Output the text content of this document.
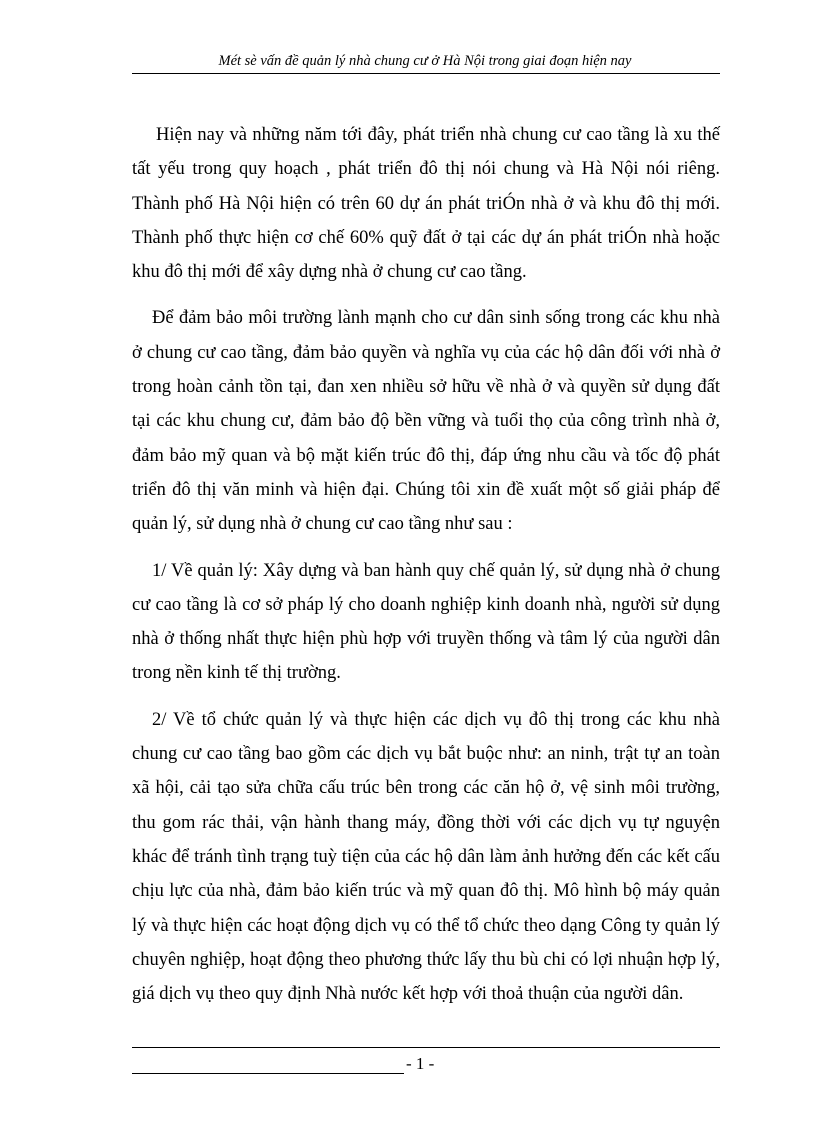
Mét sè vấn đề quản lý nhà chung cư ở Hà Nội trong giai đoạn hiện nay

Hiện nay và những năm tới đây, phát triển nhà chung cư cao tầng là xu thế tất yếu trong quy hoạch , phát triển đô thị nói chung và Hà Nội nói riêng. Thành phố Hà Nội hiện có trên 60 dự án phát triÓn nhà ở và khu đô thị mới. Thành phố thực hiện cơ chế 60% quỹ đất ở tại các dự án phát triÓn nhà hoặc khu đô thị mới để xây dựng nhà ở chung cư cao tầng.

Để đảm bảo môi trường lành mạnh cho cư dân sinh sống trong các khu nhà ở chung cư cao tầng, đảm bảo quyền và nghĩa vụ của các hộ dân đối với nhà ở trong hoàn cảnh tồn tại, đan xen nhiều sở hữu về nhà ở và quyền sử dụng đất tại các khu chung cư, đảm bảo độ bền vững và tuổi thọ của công trình nhà ở, đảm bảo mỹ quan và bộ mặt kiến trúc đô thị, đáp ứng nhu cầu và tốc độ phát triển đô thị văn minh và hiện đại. Chúng tôi xin đề xuất một số giải pháp để quản lý, sử dụng nhà ở chung cư cao tầng như sau :

1/ Về quản lý: Xây dựng và ban hành quy chế quản lý, sử dụng nhà ở chung cư cao tầng là cơ sở pháp lý cho doanh nghiệp kinh doanh nhà, người sử dụng nhà ở thống nhất thực hiện phù hợp với truyền thống và tâm lý của người dân trong nền kinh tế thị trường.

2/ Về tổ chức quản lý và thực hiện các dịch vụ đô thị trong các khu nhà chung cư cao tầng bao gồm các dịch vụ bắt buộc như: an ninh, trật tự an toàn xã hội, cải tạo sửa chữa cấu trúc bên trong các căn hộ ở, vệ sinh môi trường, thu gom rác thải, vận hành thang máy, đồng thời với các dịch vụ tự nguyện khác để tránh tình trạng tuỳ tiện của các hộ dân làm ảnh hưởng đến các kết cấu chịu lực của nhà, đảm bảo kiến trúc và mỹ quan đô thị. Mô hình bộ máy quản lý và thực hiện các hoạt động dịch vụ có thể tổ chức theo dạng Công ty quản lý chuyên nghiệp, hoạt động theo phương thức lấy thu bù chi có lợi nhuận hợp lý, giá dịch vụ theo quy định Nhà nước kết hợp với thoả thuận của người dân.

- 1 -
